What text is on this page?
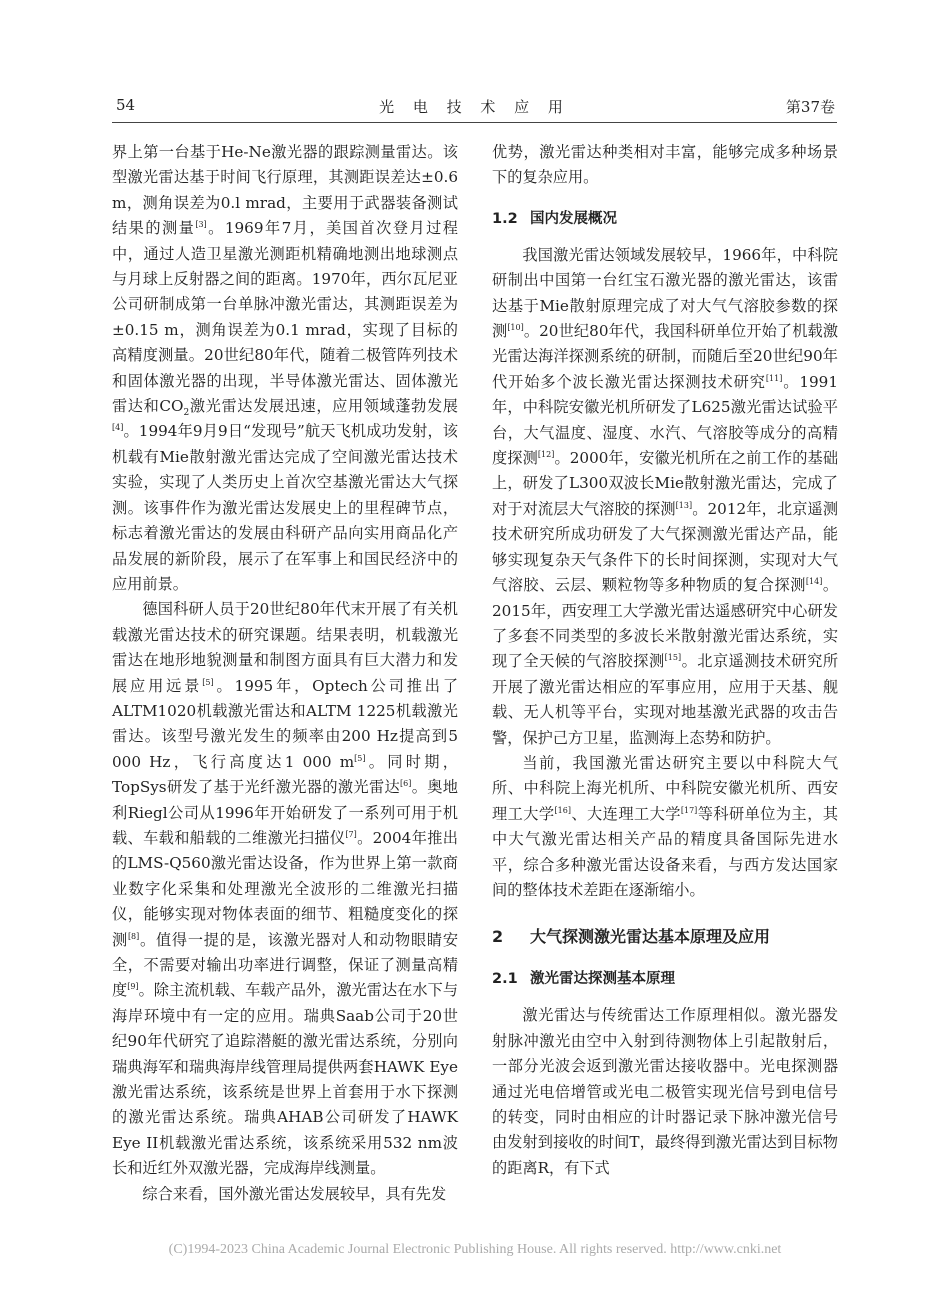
54	光 电 技 术 应 用	第37卷

界上第一台基于He-Ne激光器的跟踪测量雷达。该型激光雷达基于时间飞行原理，其测距误差达±0.6 m，测角误差为0.l mrad，主要用于武器装备测试结果的测量[3]。1969年7月，美国首次登月过程中，通过人造卫星激光测距机精确地测出地球测点与月球上反射器之间的距离。1970年，西尔瓦尼亚公司研制成第一台单脉冲激光雷达，其测距误差为±0.15 m，测角误差为0.1 mrad，实现了目标的高精度测量。20世纪80年代，随着二极管阵列技术和固体激光器的出现，半导体激光雷达、固体激光雷达和$CO_2$激光雷达发展迅速，应用领域蓬勃发展[4]。1994年9月9日“发现号”航天飞机成功发射，该机载有Mie散射激光雷达完成了空间激光雷达技术实验，实现了人类历史上首次空基激光雷达大气探测。该事件作为激光雷达发展史上的里程碑节点，标志着激光雷达的发展由科研产品向实用商品化产品发展的新阶段，展示了在军事上和国民经济中的应用前景。

德国科研人员于20世纪80年代末开展了有关机载激光雷达技术的研究课题。结果表明，机载激光雷达在地形地貌测量和制图方面具有巨大潜力和发展应用远景[5]。1995年，Optech公司推出了ALTM1020机载激光雷达和ALTM 1225机载激光雷达。该型号激光发生的频率由200 Hz提高到5 000 Hz，飞行高度达1 000 m[5]。同时期，TopSys研发了基于光纤激光器的激光雷达[6]。奥地利Riegl公司从1996年开始研发了一系列可用于机载、车载和船载的二维激光扫描仪[7]。2004年推出的LMS-Q560激光雷达设备，作为世界上第一款商业数字化采集和处理激光全波形的二维激光扫描仪，能够实现对物体表面的细节、粗糙度变化的探测[8]。值得一提的是，该激光器对人和动物眼睛安全，不需要对输出功率进行调整，保证了测量高精度[9]。除主流机载、车载产品外，激光雷达在水下与海岸环境中有一定的应用。瑞典Saab公司于20世纪90年代研究了追踪潜艇的激光雷达系统，分别向瑞典海军和瑞典海岸线管理局提供两套HAWK Eye激光雷达系统，该系统是世界上首套用于水下探测的激光雷达系统。瑞典AHAB公司研发了HAWK Eye II机载激光雷达系统，该系统采用532 nm波长和近红外双激光器，完成海岸线测量。

综合来看，国外激光雷达发展较早，具有先发

优势，激光雷达种类相对丰富，能够完成多种场景下的复杂应用。

1.2 国内发展概况

我国激光雷达领域发展较早，1966年，中科院研制出中国第一台红宝石激光器的激光雷达，该雷达基于Mie散射原理完成了对大气气溶胶参数的探测[10]。20世纪80年代，我国科研单位开始了机载激光雷达海洋探测系统的研制，而随后至20世纪90年代开始多个波长激光雷达探测技术研究[11]。1991年，中科院安徽光机所研发了L625激光雷达试验平台，大气温度、湿度、水汽、气溶胶等成分的高精度探测[12]。2000年，安徽光机所在之前工作的基础上，研发了L300双波长Mie散射激光雷达，完成了对于对流层大气溶胶的探测[13]。2012年，北京遥测技术研究所成功研发了大气探测激光雷达产品，能够实现复杂天气条件下的长时间探测，实现对大气气溶胶、云层、颗粒物等多种物质的复合探测[14]。2015年，西安理工大学激光雷达遥感研究中心研发了多套不同类型的多波长米散射激光雷达系统，实现了全天候的气溶胶探测[15]。北京遥测技术研究所开展了激光雷达相应的军事应用，应用于天基、舰载、无人机等平台，实现对地基激光武器的攻击告警，保护己方卫星，监测海上态势和防护。

当前，我国激光雷达研究主要以中科院大气所、中科院上海光机所、中科院安徽光机所、西安理工大学[16]、大连理工大学[17]等科研单位为主，其中大气激光雷达相关产品的精度具备国际先进水平，综合多种激光雷达设备来看，与西方发达国家间的整体技术差距在逐渐缩小。

2 大气探测激光雷达基本原理及应用
2.1 激光雷达探测基本原理

激光雷达与传统雷达工作原理相似。激光器发射脉冲激光由空中入射到待测物体上引起散射后，一部分光波会返到激光雷达接收器中。光电探测器通过光电倍增管或光电二极管实现光信号到电信号的转变，同时由相应的计时器记录下脉冲激光信号由发射到接收的时间T，最终得到激光雷达到目标物的距离R，有下式

(C)1994-2023 China Academic Journal Electronic Publishing House. All rights reserved. http://www.cnki.net
